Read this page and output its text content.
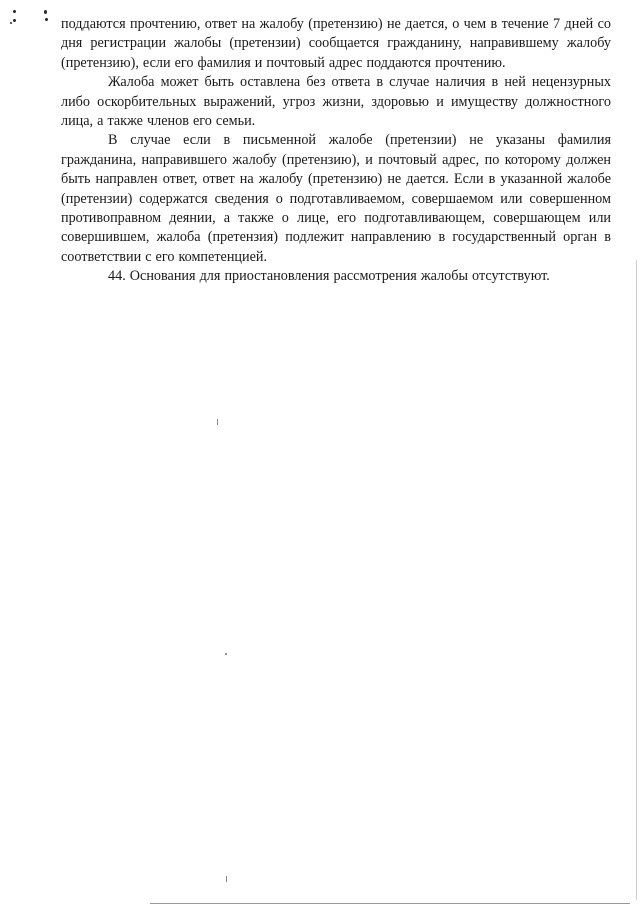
поддаются прочтению, ответ на жалобу (претензию) не дается, о чем в течение 7 дней со дня регистрации жалобы (претензии) сообщается гражданину, направившему жалобу (претензию), если его фамилия и почтовый адрес поддаются прочтению.

Жалоба может быть оставлена без ответа в случае наличия в ней нецензурных либо оскорбительных выражений, угроз жизни, здоровью и имуществу должностного лица, а также членов его семьи.

В случае если в письменной жалобе (претензии) не указаны фамилия гражданина, направившего жалобу (претензию), и почтовый адрес, по которому должен быть направлен ответ, ответ на жалобу (претензию) не дается. Если в указанной жалобе (претензии) содержатся сведения о подготавливаемом, совершаемом или совершенном противоправном деянии, а также о лице, его подготавливающем, совершающем или совершившем, жалоба (претензия) подлежит направлению в государственный орган в соответствии с его компетенцией.

44. Основания для приостановления рассмотрения жалобы отсутствуют.
